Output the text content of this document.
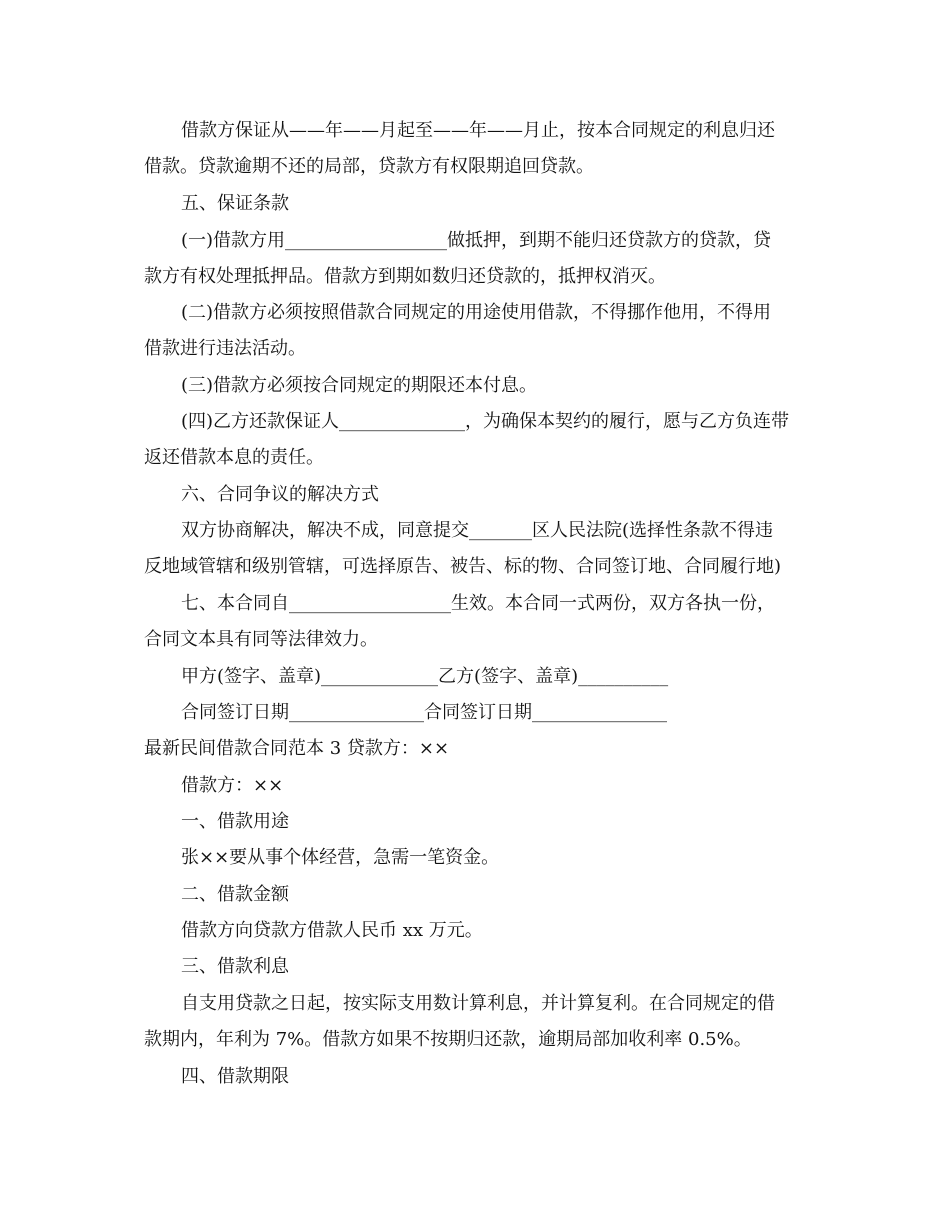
借款方保证从——年——月起至——年——月止，按本合同规定的利息归还
借款。贷款逾期不还的局部，贷款方有权限期追回贷款。
五、保证条款
(一)借款方用__________________做抵押，到期不能归还贷款方的贷款，贷
款方有权处理抵押品。借款方到期如数归还贷款的，抵押权消灭。
(二)借款方必须按照借款合同规定的用途使用借款，不得挪作他用，不得用
借款进行违法活动。
(三)借款方必须按合同规定的期限还本付息。
(四)乙方还款保证人______________，为确保本契约的履行，愿与乙方负连带
返还借款本息的责任。
六、合同争议的解决方式
双方协商解决，解决不成，同意提交_______区人民法院(选择性条款不得违
反地域管辖和级别管辖，可选择原告、被告、标的物、合同签订地、合同履行地)
七、本合同自__________________生效。本合同一式两份，双方各执一份，
合同文本具有同等法律效力。
甲方(签字、盖章)_____________乙方(签字、盖章)__________
合同签订日期_______________合同签订日期_______________
最新民间借款合同范本 3 贷款方：××
借款方：××
一、借款用途
张××要从事个体经营，急需一笔资金。
二、借款金额
借款方向贷款方借款人民币 xx 万元。
三、借款利息
自支用贷款之日起，按实际支用数计算利息，并计算复利。在合同规定的借
款期内，年利为 7%。借款方如果不按期归还款，逾期局部加收利率 0.5%。
四、借款期限
